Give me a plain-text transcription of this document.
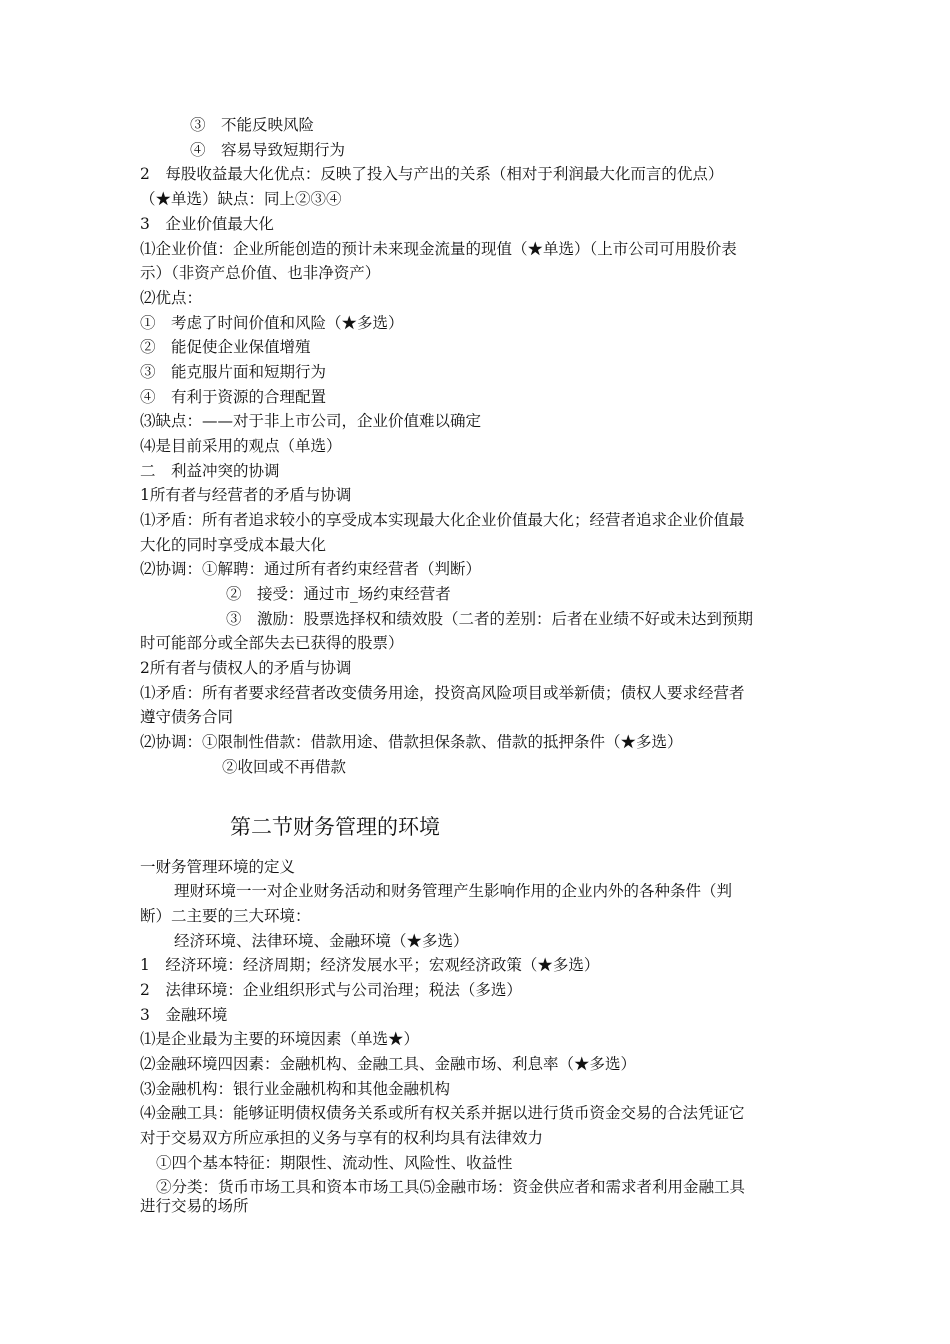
③　不能反映风险
④　容易导致短期行为
2　每股收益最大化优点：反映了投入与产出的关系（相对于利润最大化而言的优点）
（★单选）缺点：同上②③④
3　企业价值最大化
⑴企业价值：企业所能创造的预计未来现金流量的现值（★单选）（上市公司可用股价表
示）（非资产总价值、也非净资产）
⑵优点：
①　考虑了时间价值和风险（★多选）
②　能促使企业保值增殖
③　能克服片面和短期行为
④　有利于资源的合理配置
⑶缺点：——对于非上市公司，企业价值难以确定
⑷是目前采用的观点（单选）
二　利益冲突的协调
1所有者与经营者的矛盾与协调
⑴矛盾：所有者追求较小的享受成本实现最大化企业价值最大化；经营者追求企业价值最
大化的同时享受成本最大化
⑵协调：①解聘：通过所有者约束经营者（判断）
②　接受：通过市_场约束经营者
③　激励：股票选择权和绩效股（二者的差别：后者在业绩不好或未达到预期
时可能部分或全部失去已获得的股票）
2所有者与债权人的矛盾与协调
⑴矛盾：所有者要求经营者改变债务用途，投资高风险项目或举新债；债权人要求经营者
遵守债务合同
⑵协调：①限制性借款：借款用途、借款担保条款、借款的抵押条件（★多选）
②收回或不再借款
第二节财务管理的环境
一财务管理环境的定义
理财环境一一对企业财务活动和财务管理产生影响作用的企业内外的各种条件（判
断）二主要的三大环境：
经济环境、法律环境、金融环境（★多选）
1　经济环境：经济周期；经济发展水平；宏观经济政策（★多选）
2　法律环境：企业组织形式与公司治理；税法（多选）
3　金融环境
⑴是企业最为主要的环境因素（单选★）
⑵金融环境四因素：金融机构、金融工具、金融市场、利息率（★多选）
⑶金融机构：银行业金融机构和其他金融机构
⑷金融工具：能够证明债权债务关系或所有权关系并据以进行货币资金交易的合法凭证它
对于交易双方所应承担的义务与享有的权利均具有法律效力
①四个基本特征：期限性、流动性、风险性、收益性
②分类：货币市场工具和资本市场工具⑸金融市场：资金供应者和需求者利用金融工具
进行交易的场所
